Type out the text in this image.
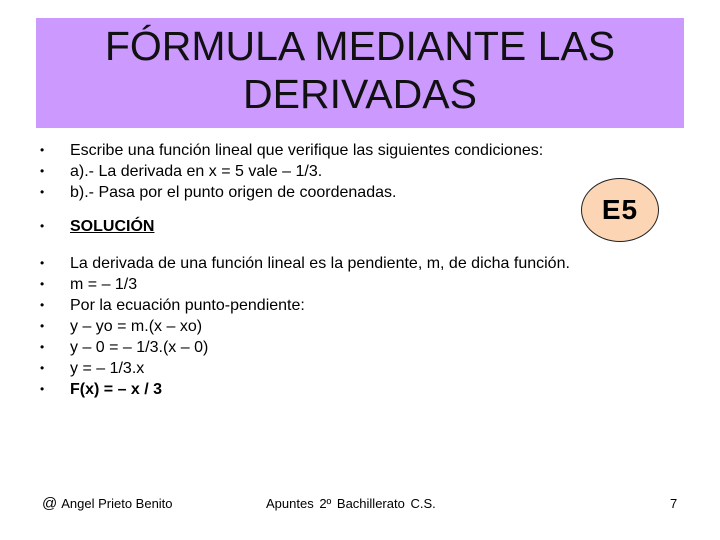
FÓRMULA MEDIANTE LAS
DERIVADAS
•	Escribe una función lineal que verifique las siguientes condiciones:
•	a).- La derivada en x = 5 vale – 1/3.
•	b).- Pasa por el punto origen de coordenadas.
•	SOLUCIÓN
•	La derivada de una función lineal es la pendiente, m, de dicha función.
•	m = – 1/3
•	Por la ecuación punto-pendiente:
•	y – yo = m.(x – xo)
•	y – 0 = – 1/3.(x – 0)
•	y = – 1/3.x
•	F(x) = – x / 3
E5
@ Angel Prieto Benito	Apuntes 2º Bachillerato C.S.	7
